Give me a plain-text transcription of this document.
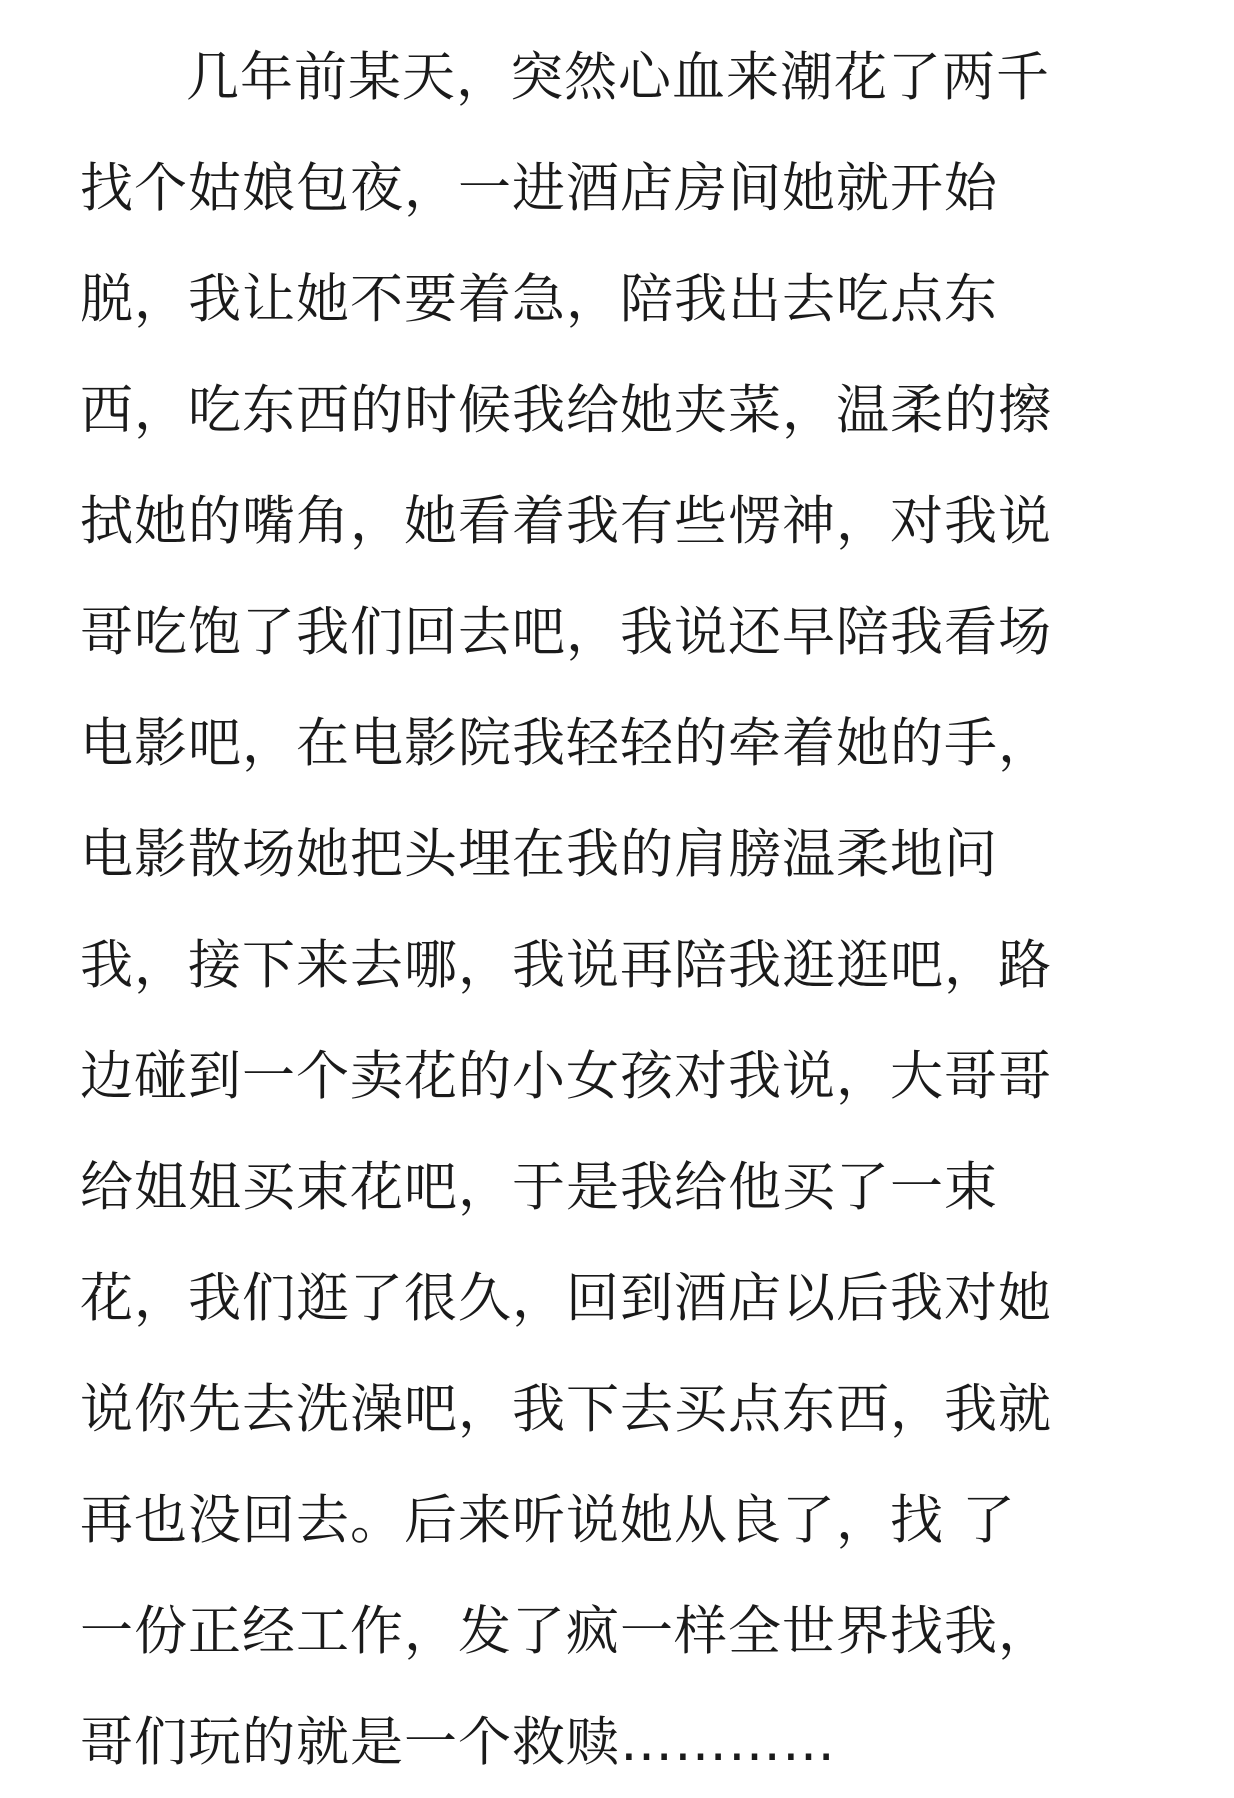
几年前某天，突然心血来潮花了两千
找个姑娘包夜，一进酒店房间她就开始
脱，我让她不要着急，陪我出去吃点东
西，吃东西的时候我给她夹菜，温柔的擦
拭她的嘴角，她看着我有些愣神，对我说
哥吃饱了我们回去吧，我说还早陪我看场
电影吧，在电影院我轻轻的牵着她的手，
电影散场她把头埋在我的肩膀温柔地问
我，接下来去哪，我说再陪我逛逛吧，路
边碰到一个卖花的小女孩对我说，大哥哥
给姐姐买束花吧，于是我给他买了一束
花，我们逛了很久，回到酒店以后我对她
说你先去洗澡吧，我下去买点东西，我就
再也没回去。后来听说她从良了，找 了
一份正经工作，发了疯一样全世界找我，
哥们玩的就是一个救赎…………
